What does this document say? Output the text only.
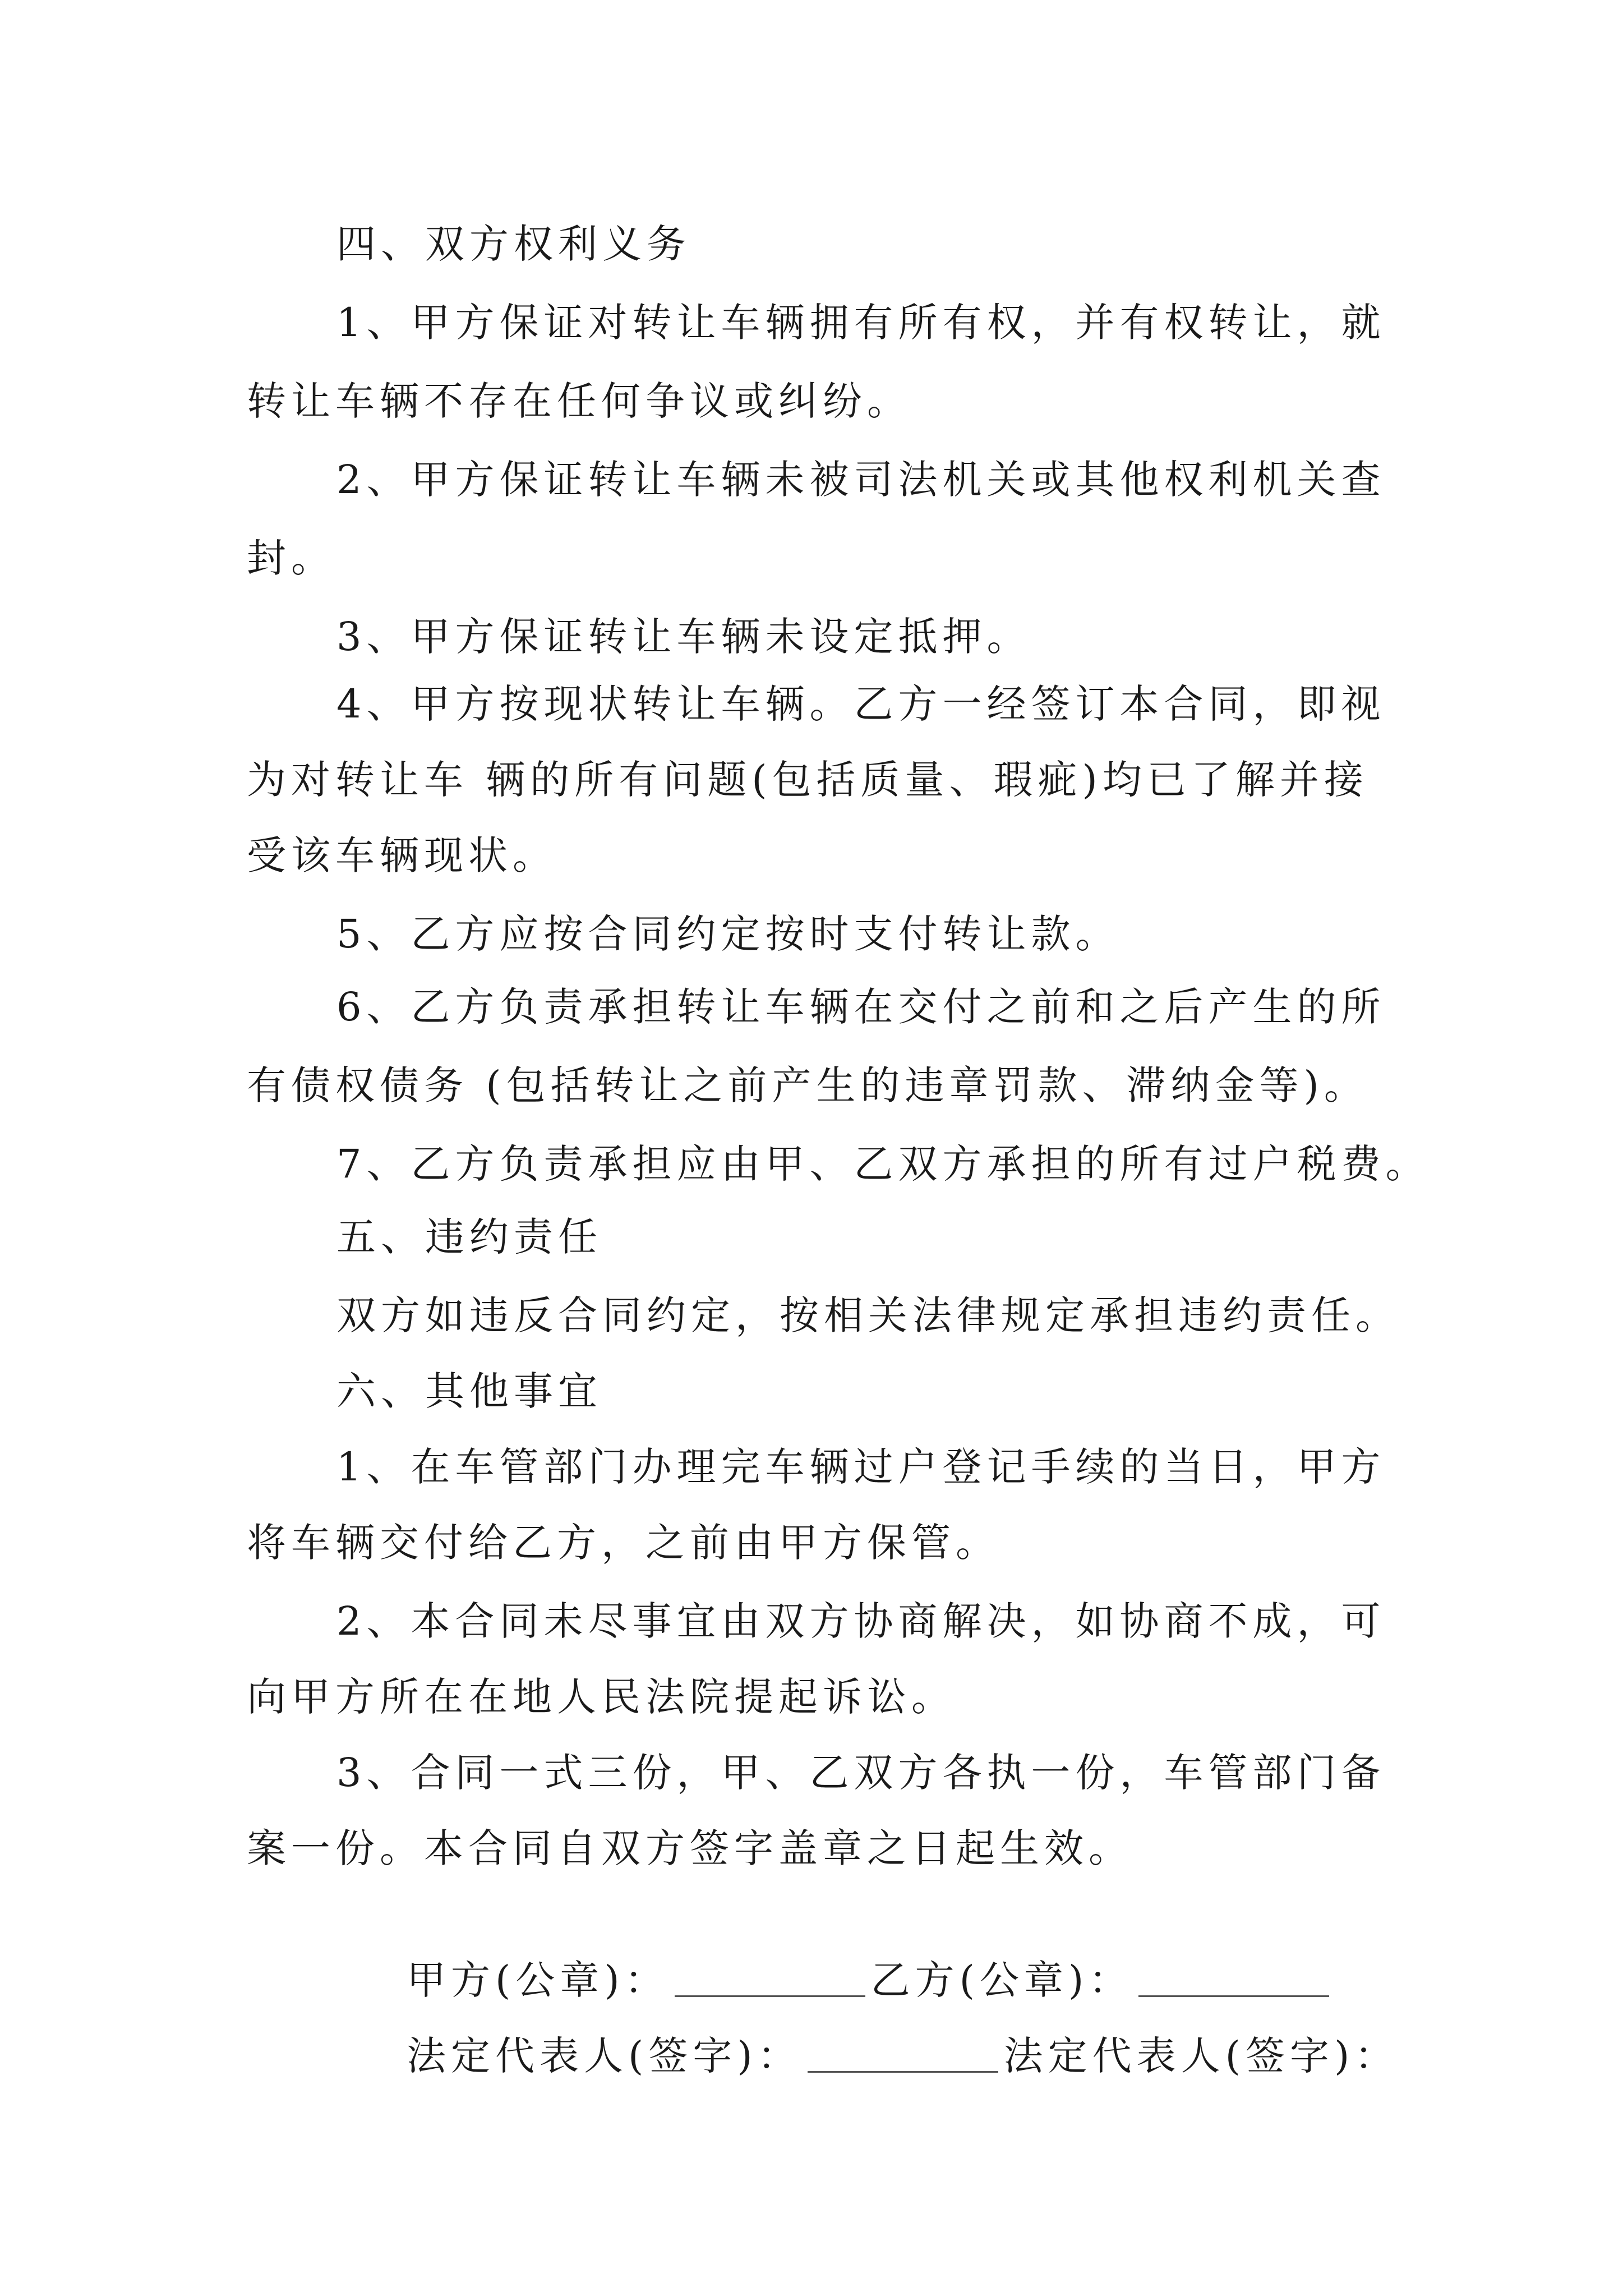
四、双方权利义务

1、甲方保证对转让车辆拥有所有权，并有权转让，就

转让车辆不存在任何争议或纠纷。

2、甲方保证转让车辆未被司法机关或其他权利机关查

封。

3、甲方保证转让车辆未设定抵押。

4、甲方按现状转让车辆。乙方一经签订本合同，即视

为对转让车 辆的所有问题(包括质量、瑕疵)均已了解并接

受该车辆现状。

5、乙方应按合同约定按时支付转让款。

6、乙方负责承担转让车辆在交付之前和之后产生的所

有债权债务 (包括转让之前产生的违章罚款、滞纳金等)。

7、乙方负责承担应由甲、乙双方承担的所有过户税费。

五、违约责任

双方如违反合同约定，按相关法律规定承担违约责任。

六、其他事宜

1、在车管部门办理完车辆过户登记手续的当日，甲方

将车辆交付给乙方，之前由甲方保管。

2、本合同未尽事宜由双方协商解决，如协商不成，可

向甲方所在在地人民法院提起诉讼。

3、合同一式三份，甲、乙双方各执一份，车管部门备

案一份。本合同自双方签字盖章之日起生效。

甲方(公章)：	乙方(公章)：

法定代表人(签字)：	法定代表人(签字)：
